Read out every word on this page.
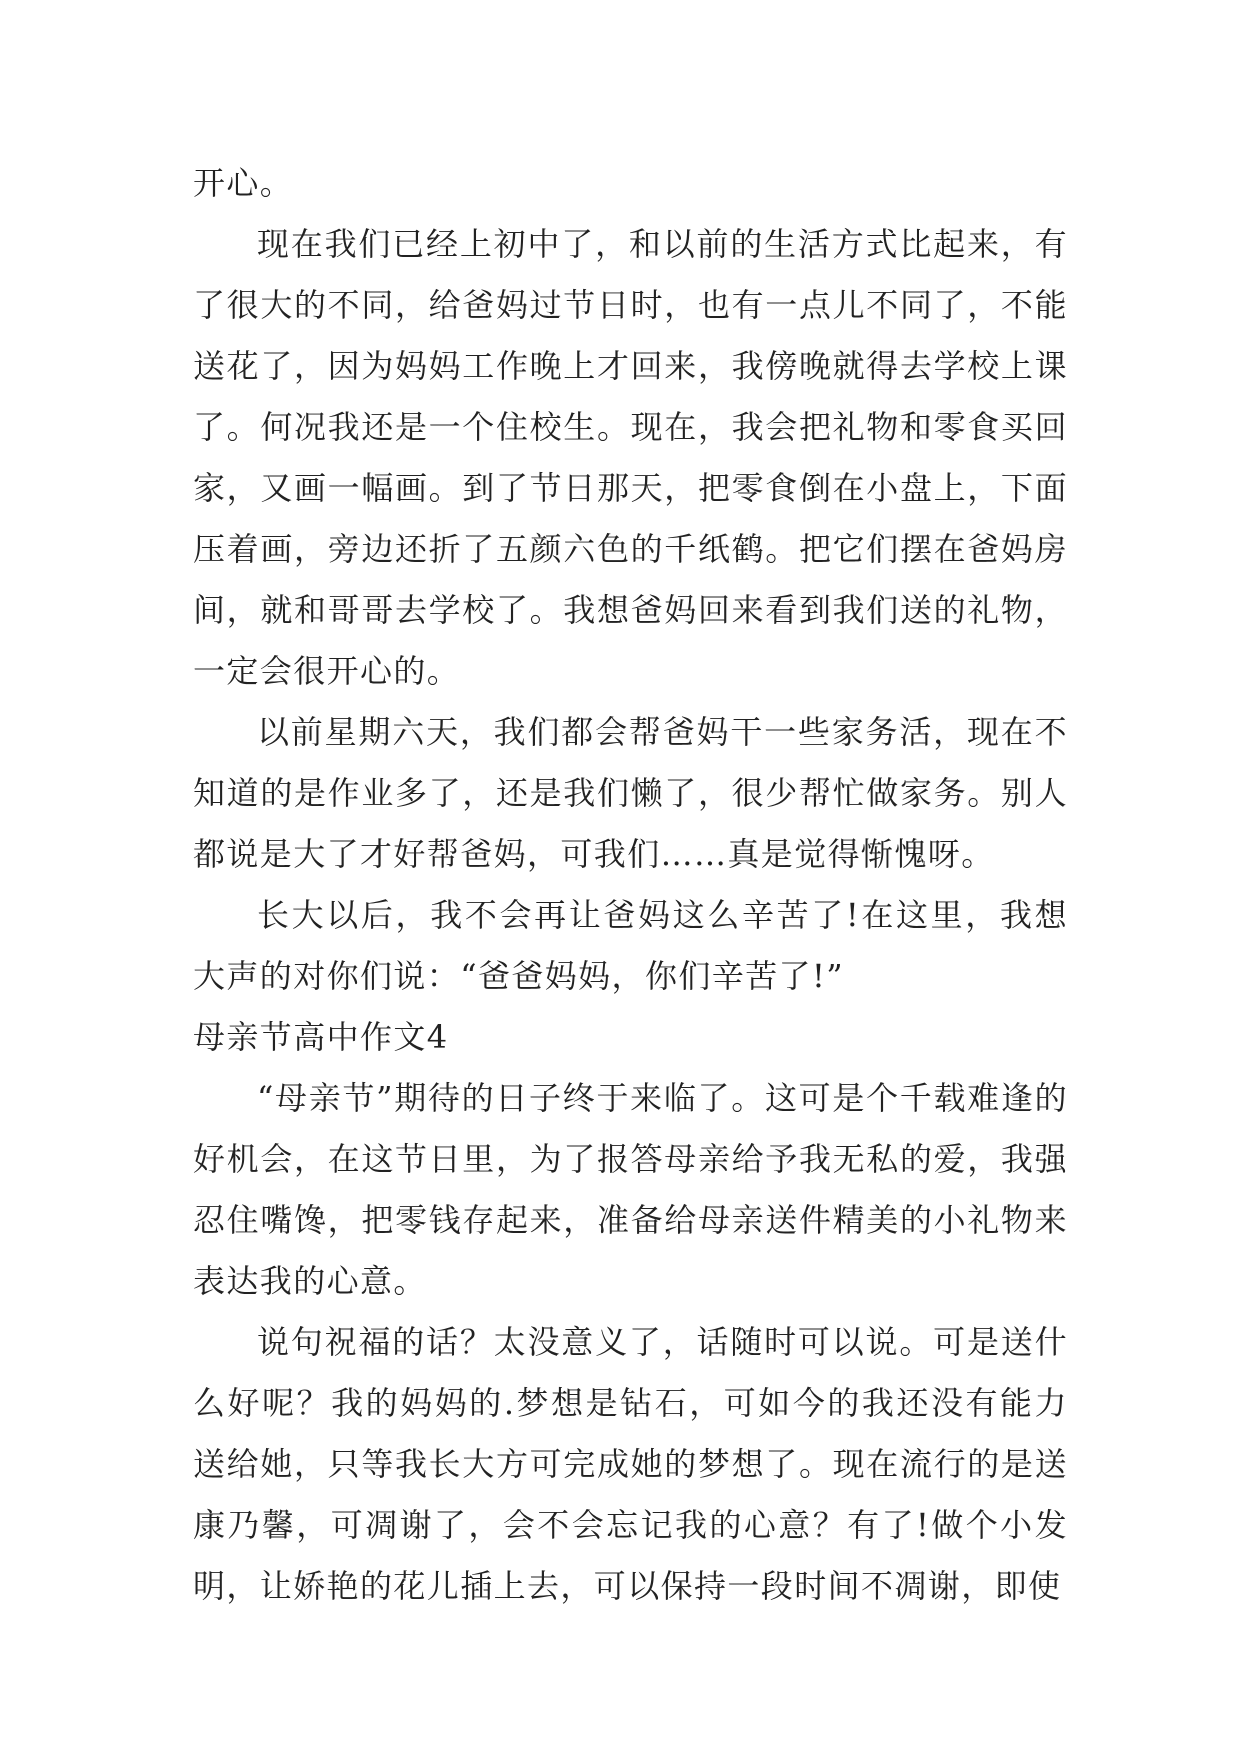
开心。

现在我们已经上初中了，和以前的生活方式比起来，有了很大的不同，给爸妈过节日时，也有一点儿不同了，不能送花了，因为妈妈工作晚上才回来，我傍晚就得去学校上课了。何况我还是一个住校生。现在，我会把礼物和零食买回家，又画一幅画。到了节日那天，把零食倒在小盘上，下面压着画，旁边还折了五颜六色的千纸鹤。把它们摆在爸妈房间，就和哥哥去学校了。我想爸妈回来看到我们送的礼物，一定会很开心的。

以前星期六天，我们都会帮爸妈干一些家务活，现在不知道的是作业多了，还是我们懒了，很少帮忙做家务。别人都说是大了才好帮爸妈，可我们……真是觉得惭愧呀。

长大以后，我不会再让爸妈这么辛苦了!在这里，我想大声的对你们说：“爸爸妈妈，你们辛苦了!”

母亲节高中作文4

“母亲节”期待的日子终于来临了。这可是个千载难逢的好机会，在这节日里，为了报答母亲给予我无私的爱，我强忍住嘴馋，把零钱存起来，准备给母亲送件精美的小礼物来表达我的心意。

说句祝福的话？太没意义了，话随时可以说。可是送什么好呢？我的妈妈的.梦想是钻石，可如今的我还没有能力送给她，只等我长大方可完成她的梦想了。现在流行的是送康乃馨，可凋谢了，会不会忘记我的心意？有了!做个小发明，让娇艳的花儿插上去，可以保持一段时间不凋谢，即使
